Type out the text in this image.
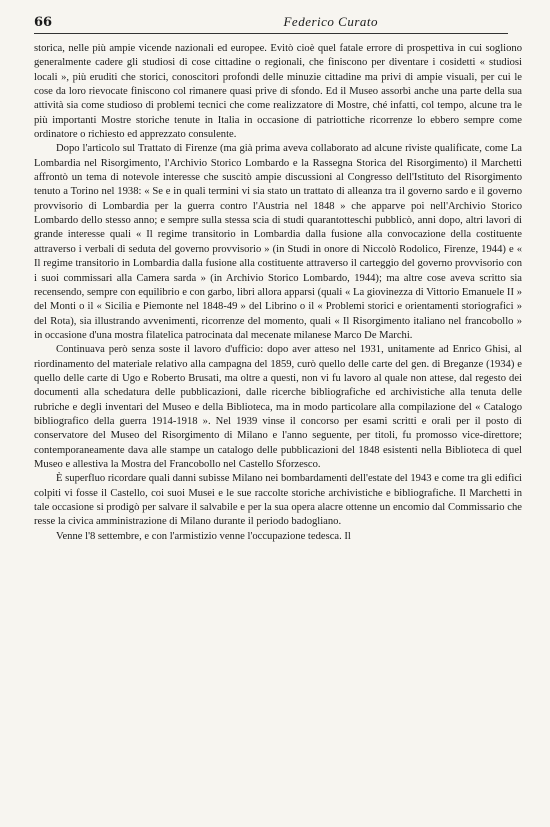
66	Federico Curato

storica, nelle più ampie vicende nazionali ed europee. Evitò cioè quel fatale errore di prospettiva in cui sogliono generalmente cadere gli studiosi di cose cittadine o regionali, che finiscono per diventare i cosidetti « studiosi locali », più eruditi che storici, conoscitori profondi delle minuzie cittadine ma privi di ampie visuali, per cui le cose da loro rievocate finiscono col rimanere quasi prive di sfondo. Ed il Museo assorbì anche una parte della sua attività sia come studioso di problemi tecnici che come realizzatore di Mostre, ché infatti, col tempo, alcune tra le più importanti Mostre storiche tenute in Italia in occasione di patriottiche ricorrenze lo ebbero sempre come ordinatore o richiesto ed apprezzato consulente.

Dopo l'articolo sul Trattato di Firenze (ma già prima aveva collaborato ad alcune riviste qualificate, come La Lombardia nel Risorgimento, l'Archivio Storico Lombardo e la Rassegna Storica del Risorgimento) il Marchetti affrontò un tema di notevole interesse che suscitò ampie discussioni al Congresso dell'Istituto del Risorgimento tenuto a Torino nel 1938: « Se e in quali termini vi sia stato un trattato di alleanza tra il governo sardo e il governo provvisorio di Lombardia per la guerra contro l'Austria nel 1848 » che apparve poi nell'Archivio Storico Lombardo dello stesso anno; e sempre sulla stessa scia di studi quarantotteschi pubblicò, anni dopo, altri lavori di grande interesse quali « Il regime transitorio in Lombardia dalla fusione alla convocazione della costituente attraverso i verbali di seduta del governo provvisorio » (in Studi in onore di Niccolò Rodolico, Firenze, 1944) e « Il regime transitorio in Lombardia dalla fusione alla costituente attraverso il carteggio del governo provvisorio con i suoi commissari alla Camera sarda » (in Archivio Storico Lombardo, 1944); ma altre cose aveva scritto sia recensendo, sempre con equilibrio e con garbo, libri allora apparsi (quali « La giovinezza di Vittorio Emanuele II » del Monti o il « Sicilia e Piemonte nel 1848-49 » del Librino o il « Problemi storici e orientamenti storiografici » del Rota), sia illustrando avvenimenti, ricorrenze del momento, quali « Il Risorgimento italiano nel francobollo » in occasione d'una mostra filatelica patrocinata dal mecenate milanese Marco De Marchi.

Continuava però senza soste il lavoro d'ufficio: dopo aver atteso nel 1931, unitamente ad Enrico Ghisi, al riordinamento del materiale relativo alla campagna del 1859, curò quello delle carte del gen. di Breganze (1934) e quello delle carte di Ugo e Roberto Brusati, ma oltre a questi, non vi fu lavoro al quale non attese, dal regesto dei documenti alla schedatura delle pubblicazioni, dalle ricerche bibliografiche ed archivistiche alla tenuta delle rubriche e degli inventari del Museo e della Biblioteca, ma in modo particolare alla compilazione del « Catalogo bibliografico della guerra 1914-1918 ». Nel 1939 vinse il concorso per esami scritti e orali per il posto di conservatore del Museo del Risorgimento di Milano e l'anno seguente, per titoli, fu promosso vice-direttore; contemporaneamente dava alle stampe un catalogo delle pubblicazioni del 1848 esistenti nella Biblioteca di quel Museo e allestiva la Mostra del Francobollo nel Castello Sforzesco.

È superfluo ricordare quali danni subisse Milano nei bombardamenti dell'estate del 1943 e come tra gli edifici colpiti vi fosse il Castello, coi suoi Musei e le sue raccolte storiche archivistiche e bibliografiche. Il Marchetti in tale occasione si prodigò per salvare il salvabile e per la sua opera alacre ottenne un encomio dal Commissario che resse la civica amministrazione di Milano durante il periodo badogliano.

Venne l'8 settembre, e con l'armistizio venne l'occupazione tedesca. Il
